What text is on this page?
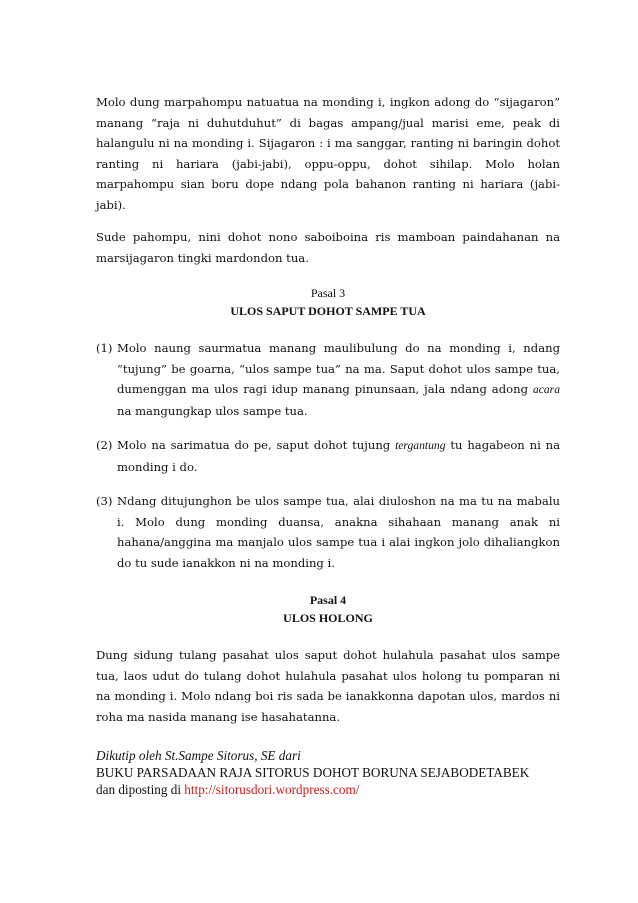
Molo dung marpahompu natuatua na monding i, ingkon adong do “sijagaron” manang “raja ni duhutduhut” di bagas ampang/jual marisi eme, peak di halangulu ni na monding i. Sijagaron : i ma sanggar, ranting ni baringin dohot ranting ni hariara (jabi-jabi), oppu-oppu, dohot sihilap. Molo holan marpahompu sian boru dope ndang pola bahanon ranting ni hariara (jabi-jabi).

Sude pahompu, nini dohot nono saboiboina ris mamboan paindahanan na marsijagaron tingki mardondon tua.

Pasal 3

ULOS SAPUT DOHOT SAMPE TUA

(1) Molo naung saurmatua manang maulibulung do na monding i, ndang “tujung” be goarna, “ulos sampe tua” na ma. Saput dohot ulos sampe tua, dumenggan ma ulos ragi idup manang pinunsaan, jala ndang adong acara na mangungkap ulos sampe tua.
(2) Molo na sarimatua do pe, saput dohot tujung tergantung tu hagabeon ni na monding i do.
(3) Ndang ditujunghon be ulos sampe tua, alai diuloshon na ma tu na mabalu i. Molo dung monding duansa, anakna sihahaan manang anak ni hahana/anggina ma manjalo ulos sampe tua i alai ingkon jolo dihaliangkon do tu sude ianakkon ni na monding i.

Pasal 4

ULOS HOLONG

Dung sidung tulang pasahat ulos saput dohot hulahula pasahat ulos sampe tua, laos udut do tulang dohot hulahula pasahat ulos holong tu pomparan ni na monding i. Molo ndang boi ris sada be ianakkonna dapotan ulos, mardos ni roha ma nasida manang ise hasahatanna.

Dikutip oleh St.Sampe Sitorus, SE dari
BUKU PARSADAAN RAJA SITORUS DOHOT BORUNA SEJABODETABEK
dan diposting di http://sitorusdori.wordpress.com/
